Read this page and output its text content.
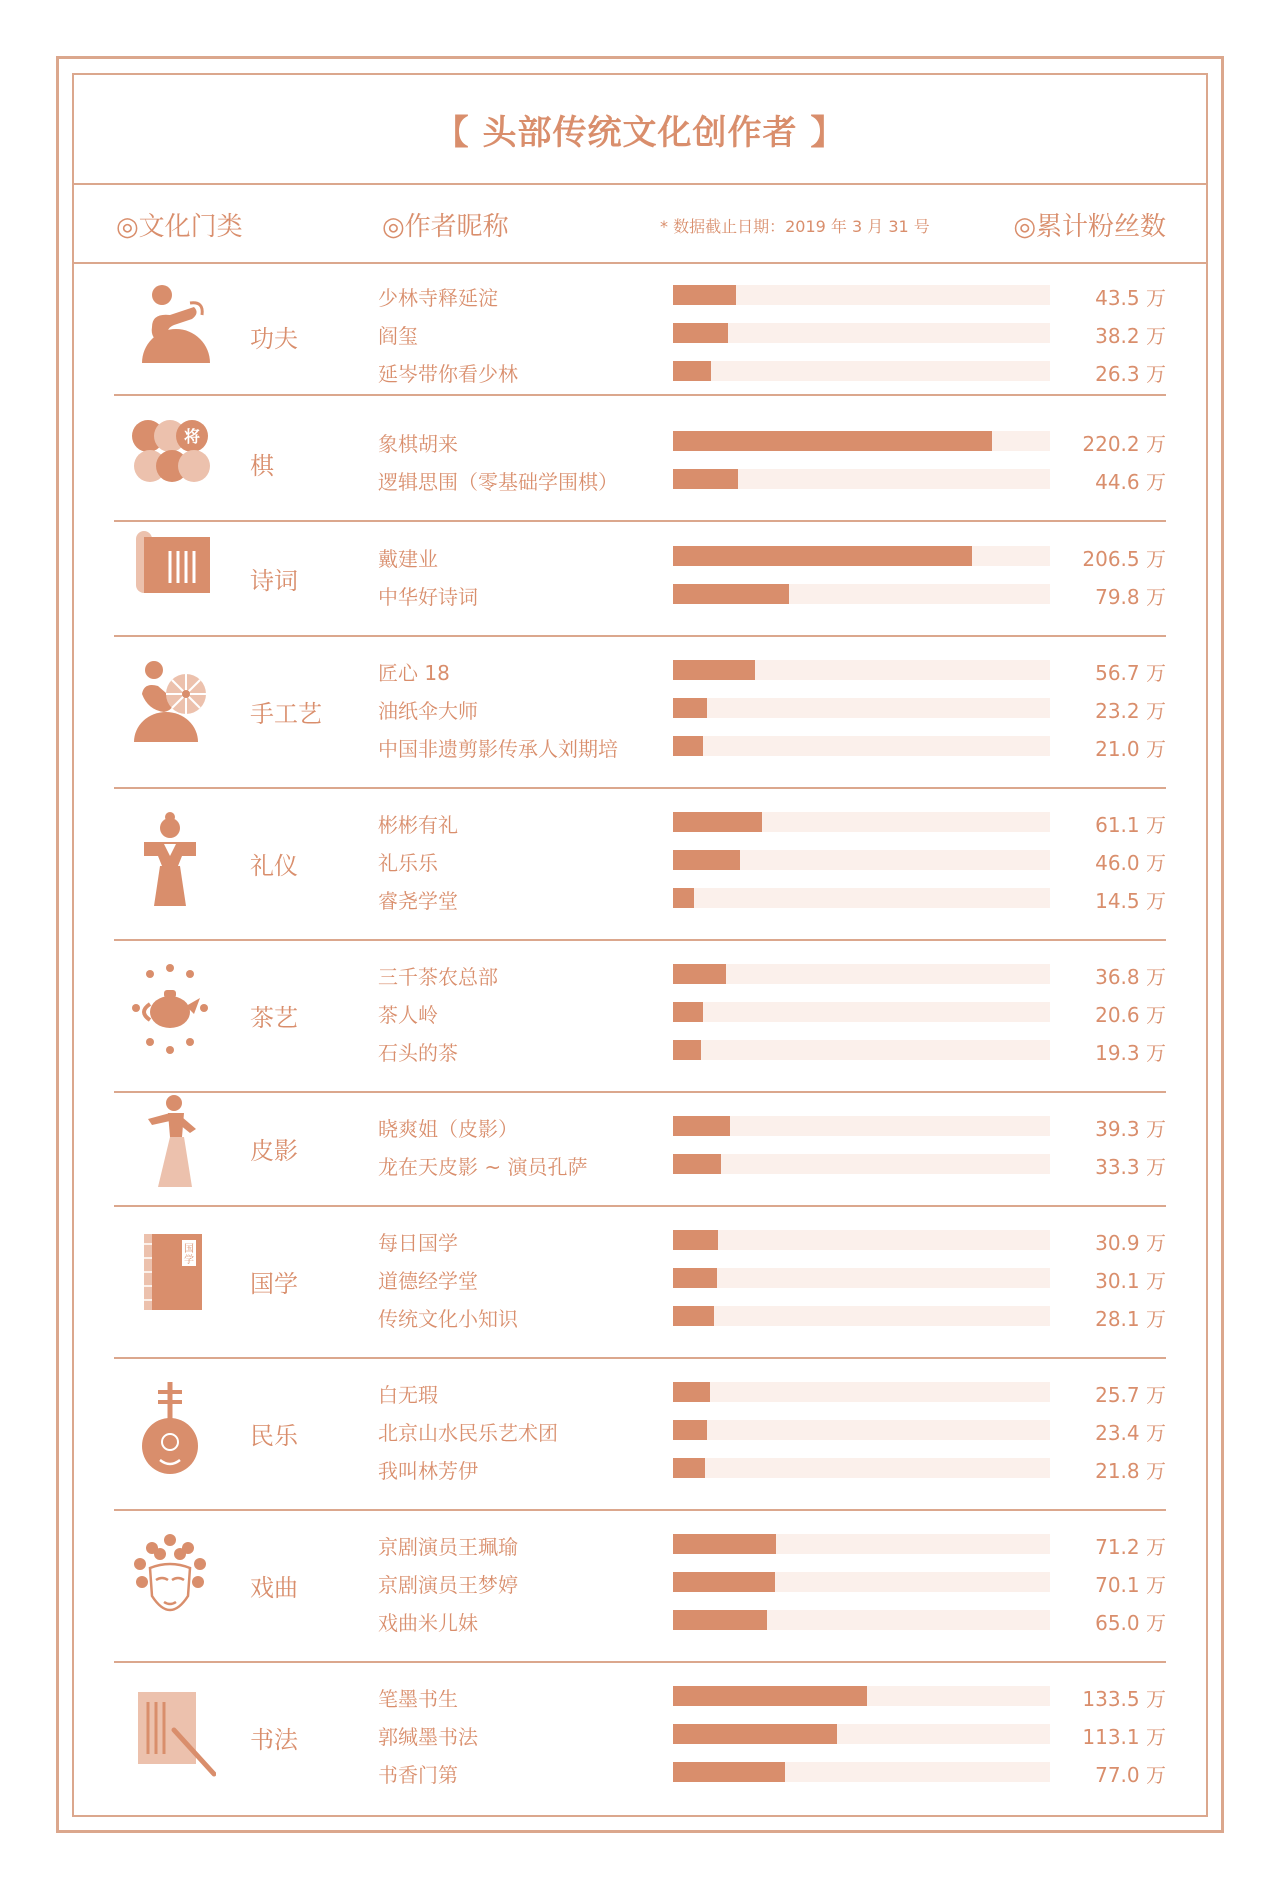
【 头部传统文化创作者 】
◎文化门类	◎作者昵称	* 数据截止日期：2019 年 3 月 31 号	◎累计粉丝数
功夫
少林寺释延淀	43.5 万
阎玺	38.2 万
延岑带你看少林	26.3 万
将
棋
象棋胡来	220.2 万
逻辑思围（零基础学围棋）	44.6 万
诗词
戴建业	206.5 万
中华好诗词	79.8 万
手工艺
匠心 18	56.7 万
油纸伞大师	23.2 万
中国非遗剪影传承人刘期培	21.0 万
礼仪
彬彬有礼	61.1 万
礼乐乐	46.0 万
睿尧学堂	14.5 万
茶艺
三千茶农总部	36.8 万
茶人岭	20.6 万
石头的茶	19.3 万
皮影
晓爽姐（皮影）	39.3 万
龙在天皮影 ~ 演员孔萨	33.3 万
国
学
国学
每日国学	30.9 万
道德经学堂	30.1 万
传统文化小知识	28.1 万
民乐
白无瑕	25.7 万
北京山水民乐艺术团	23.4 万
我叫林芳伊	21.8 万
戏曲
京剧演员王珮瑜	71.2 万
京剧演员王梦婷	70.1 万
戏曲米儿妹	65.0 万
书法
笔墨书生	133.5 万
郭缄墨书法	113.1 万
书香门第	77.0 万
